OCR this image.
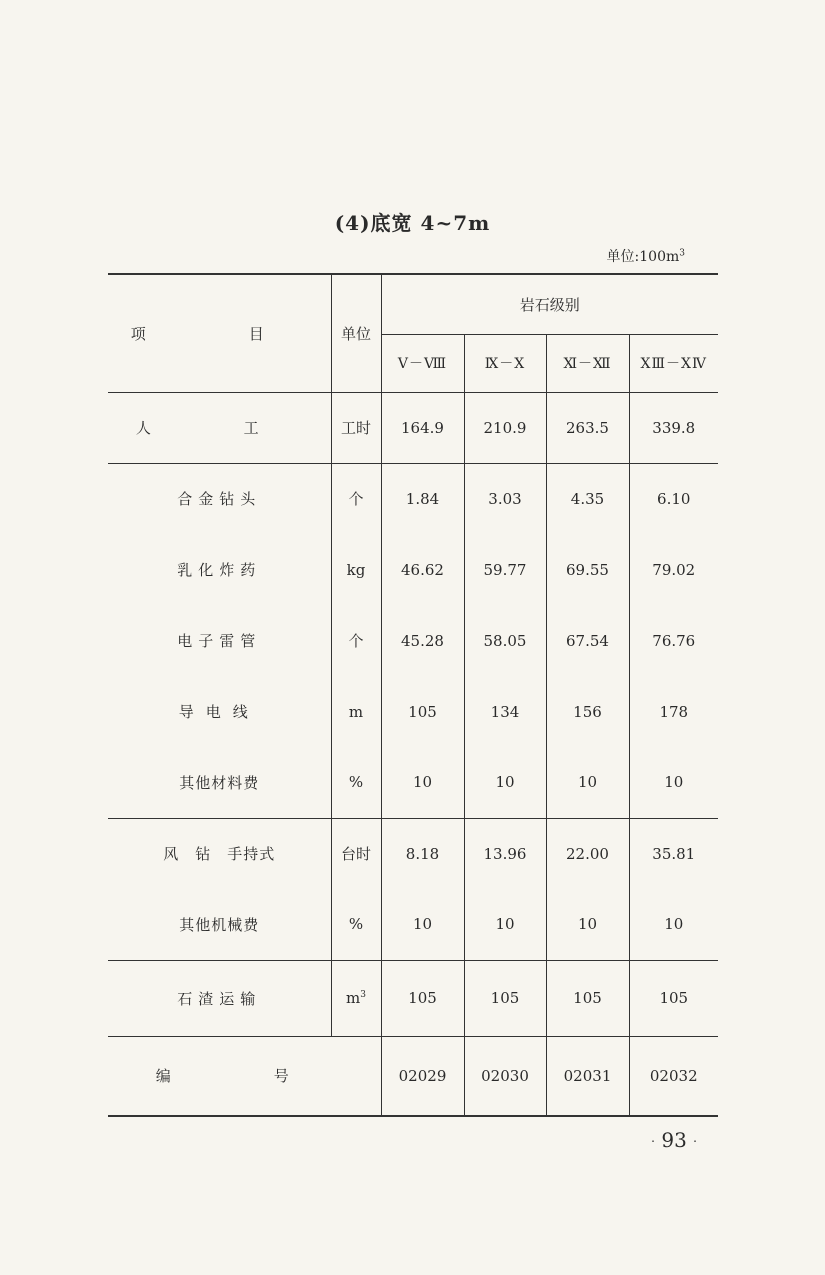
(4)底宽 4~7m
单位$:100m^3$
项　目	单位	岩石级别			
		Ⅴ－Ⅷ	Ⅸ－Ⅹ	Ⅺ－Ⅻ	ⅩⅢ－ⅩⅣ
人 工	工时	164.9	210.9	263.5	339.8
合金钻头	个	1.84	3.03	4.35	6.10
乳化炸药	kg	46.62	59.77	69.55	79.02
电子雷管	个	45.28	58.05	67.54	76.76
导电线	m	105	134	156	178
其他材料费	%	10	10	10	10
风　钻　手持式	台时	8.18	13.96	22.00	35.81
其他机械费	%	10	10	10	10
石渣运输	$m^3$	105	105	105	105
编　号		02029	02030	02031	02032
· 93 ·
